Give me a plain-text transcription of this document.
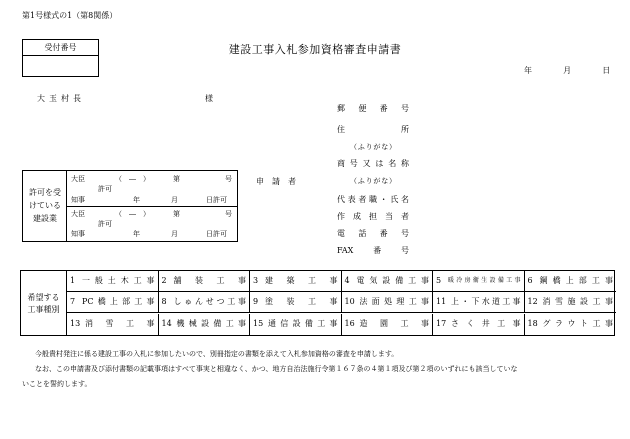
第1号様式の1（第8関係）
受付番号	建設工事入札参加資格審査申請書
年	月	日
大玉村長	様
郵便番号
住所
（ふりがな）
商号又は名称
（ふりがな）
代表者職・氏名
作成担当者
電話番号
FAX番号
申　請　者
許可を受
けている
建設業
大臣	（　―　）	第	号
許可
知事	年	月	日許可
大臣	（　―　）	第	号
許可
知事	年	月	日許可
希望する
工事種別
1 一般土木工事 2 舗装工事 3 建築工事 4 電気設備工事 5 暖冷房衛生設備工事 6 鋼橋上部工事
7 PC橋上部工事 8 しゅんせつ工事 9 塗装工事 10 法面処理工事 11 上・下水道工事 12 消雪施設工事
13 消雪工事 14 機械設備工事 15 通信設備工事 16 造園工事 17 さく井工事 18 グラウト工事
今般貴村発注に係る建設工事の入札に参加したいので、別冊指定の書類を添えて入札参加資格の審査を申請します。
なお、この申請書及び添付書類の記載事項はすべて事実と相違なく、かつ、地方自治法施行令第１６７条の４第１項及び第２項のいずれにも該当していな
いことを誓約します。
